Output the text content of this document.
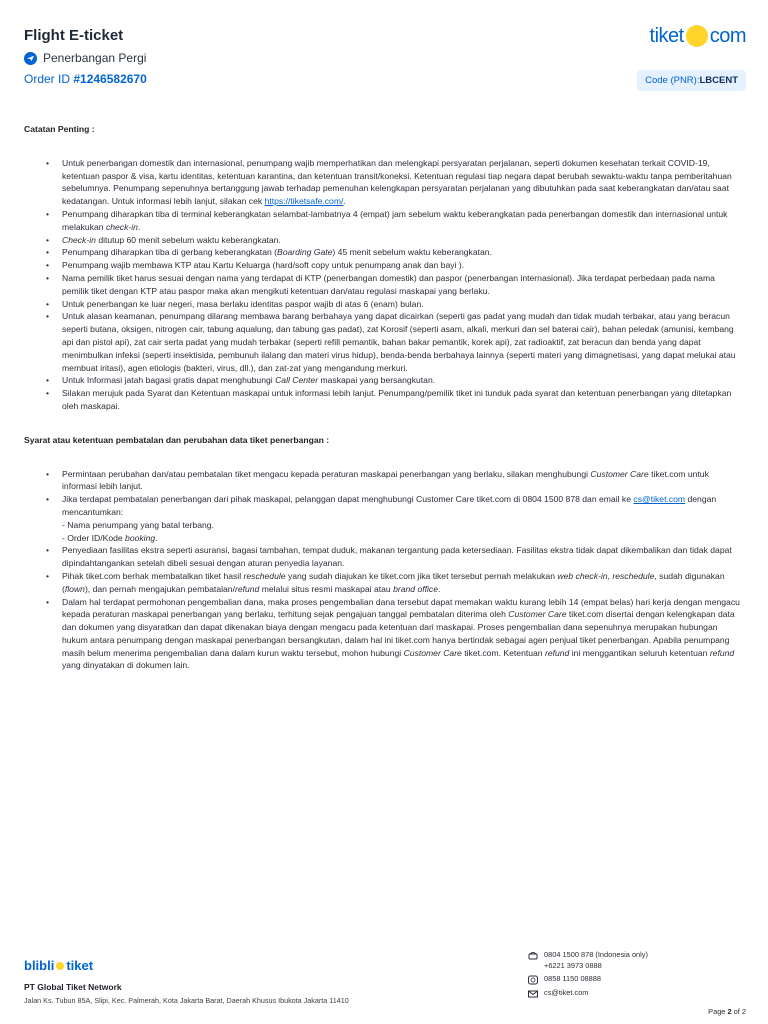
Flight E-ticket
Penerbangan Pergi
Order ID #1246582670
tiket com
Code (PNR):LBCENT
Catatan Penting :
• Untuk penerbangan domestik dan internasional, penumpang wajib memperhatikan dan melengkapi persyaratan perjalanan, seperti dokumen kesehatan terkait COVID-19, ketentuan paspor & visa, kartu identitas, ketentuan karantina, dan ketentuan transit/koneksi. Ketentuan regulasi tiap negara dapat berubah sewaktu-waktu tanpa pemberitahuan sebelumnya. Penumpang sepenuhnya bertanggung jawab terhadap pemenuhan kelengkapan persyaratan perjalanan yang dibutuhkan pada saat keberangkatan dan/atau saat kedatangan. Untuk informasi lebih lanjut, silakan cek https://tiketsafe.com/.
• Penumpang diharapkan tiba di terminal keberangkatan selambat-lambatnya 4 (empat) jam sebelum waktu keberangkatan pada penerbangan domestik dan internasional untuk melakukan check-in.
• Check-in ditutup 60 menit sebelum waktu keberangkatan.
• Penumpang diharapkan tiba di gerbang keberangkatan (Boarding Gate) 45 menit sebelum waktu keberangkatan.
• Penumpang wajib membawa KTP atau Kartu Keluarga (hard/soft copy untuk penumpang anak dan bayi ).
• Nama pemilik tiket harus sesuai dengan nama yang terdapat di KTP (penerbangan domestik) dan paspor (penerbangan internasional). Jika terdapat perbedaan pada nama pemilik tiket dengan KTP atau paspor maka akan mengikuti ketentuan dan/atau regulasi maskapai yang berlaku.
• Untuk penerbangan ke luar negeri, masa berlaku identitas paspor wajib di atas 6 (enam) bulan.
• Untuk alasan keamanan, penumpang dilarang membawa barang berbahaya yang dapat dicairkan (seperti gas padat yang mudah dan tidak mudah terbakar, atau yang beracun seperti butana, oksigen, nitrogen cair, tabung aqualung, dan tabung gas padat), zat Korosif (seperti asam, alkali, merkuri dan sel baterai cair), bahan peledak (amunisi, kembang api dan pistol api), zat cair serta padat yang mudah terbakar (seperti refill pemantik, bahan bakar pemantik, korek api), zat radioaktif, zat beracun dan benda yang dapat menimbulkan infeksi (seperti insektisida, pembunuh ilalang dan materi virus hidup), benda-benda berbahaya lainnya (seperti materi yang dimagnetisasi, yang dapat melukai atau membuat iritasi), agen etiologis (bakteri, virus, dll.), dan zat-zat yang mengandung merkuri.
• Untuk Informasi jatah bagasi gratis dapat menghubungi Call Center maskapai yang bersangkutan.
• Silakan merujuk pada Syarat dan Ketentuan maskapai untuk informasi lebih lanjut. Penumpang/pemilik tiket ini tunduk pada syarat dan ketentuan penerbangan yang ditetapkan oleh maskapai.
Syarat atau ketentuan pembatalan dan perubahan data tiket penerbangan :
• Permintaan perubahan dan/atau pembatalan tiket mengacu kepada peraturan maskapai penerbangan yang berlaku, silakan menghubungi Customer Care tiket.com untuk informasi lebih lanjut.
• Jika terdapat pembatalan penerbangan dari pihak maskapai, pelanggan dapat menghubungi Customer Care tiket.com di 0804 1500 878 dan email ke cs@tiket.com dengan mencantumkan:
- Nama penumpang yang batal terbang.
- Order ID/Kode booking.
• Penyediaan fasilitas ekstra seperti asuransi, bagasi tambahan, tempat duduk, makanan tergantung pada ketersediaan. Fasilitas ekstra tidak dapat dikembalikan dan tidak dapat dipindahtangankan setelah dibeli sesuai dengan aturan penyedia layanan.
• Pihak tiket.com berhak membatalkan tiket hasil reschedule yang sudah diajukan ke tiket.com jika tiket tersebut pernah melakukan web check-in, reschedule, sudah digunakan (flown), dan pernah mengajukan pembatalan/refund melalui situs resmi maskapai atau brand office.
• Dalam hal terdapat permohonan pengembalian dana, maka proses pengembalian dana tersebut dapat memakan waktu kurang lebih 14 (empat belas) hari kerja dengan mengacu kepada peraturan maskapai penerbangan yang berlaku, terhitung sejak pengajuan tanggal pembatalan diterima oleh Customer Care tiket.com disertai dengan kelengkapan data dan dokumen yang disyaratkan dan dapat dikenakan biaya dengan mengacu pada ketentuan dari maskapai. Proses pengembalian dana sepenuhnya merupakan hubungan hukum antara penumpang dengan maskapai penerbangan bersangkutan, dalam hal ini tiket.com hanya bertindak sebagai agen penjual tiket penerbangan. Apabila penumpang masih belum menerima pengembalian dana dalam kurun waktu tersebut, mohon hubungi Customer Care tiket.com. Ketentuan refund ini menggantikan seluruh ketentuan refund yang dinyatakan di dokumen lain.
blibli tiket
PT Global Tiket Network
Jalan Ks. Tubun 85A, Slipi, Kec. Palmerah, Kota Jakarta Barat, Daerah Khusus Ibukota Jakarta 11410
0804 1500 878 (Indonesia only)
+6221 3973 0888
0858 1150 08888
cs@tiket.com
Page 2 of 2
